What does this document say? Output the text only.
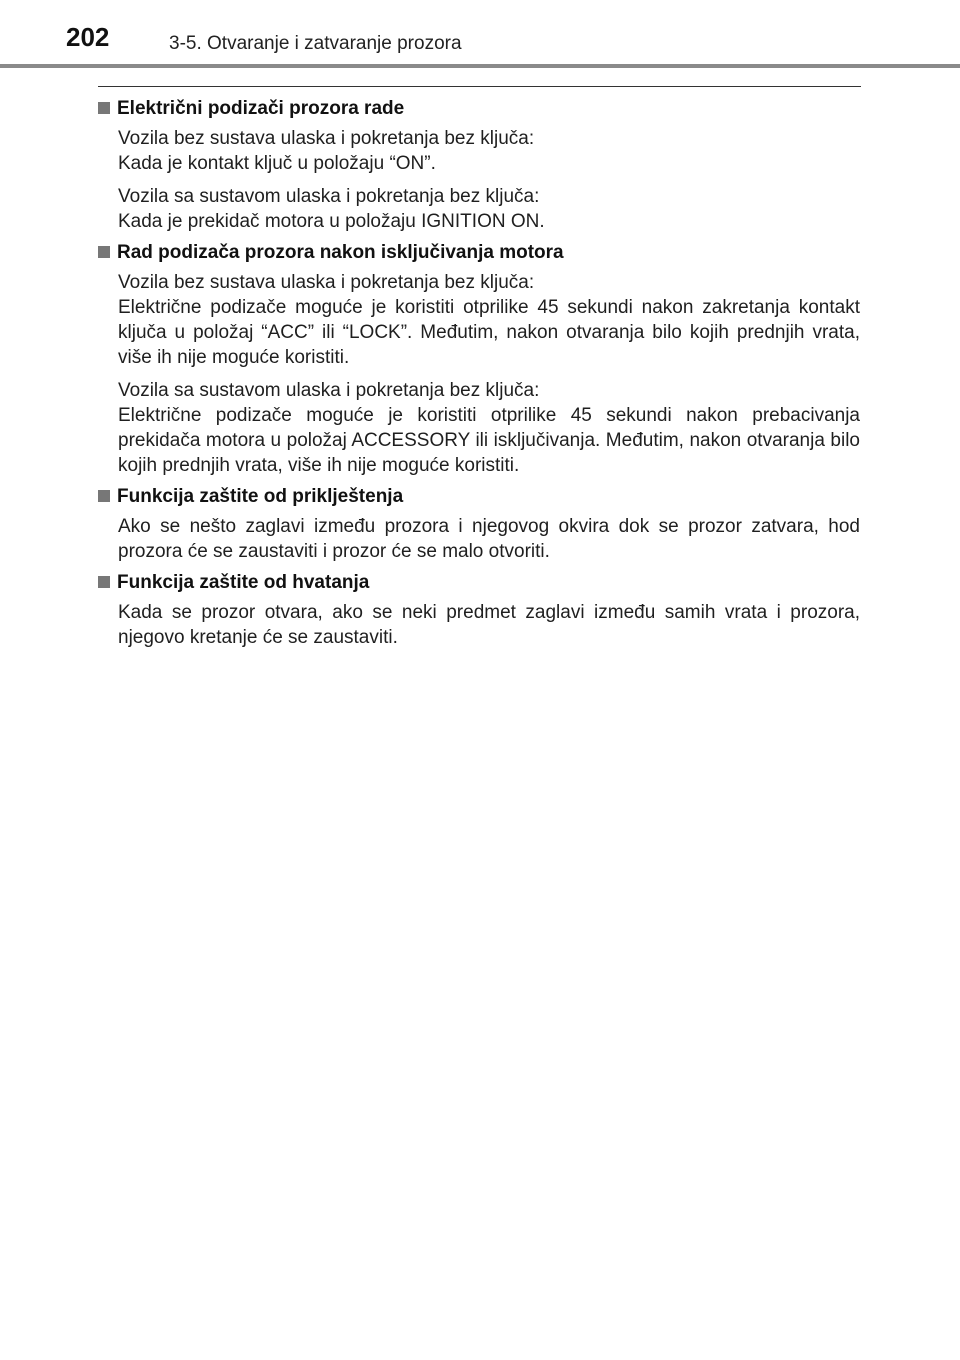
202	3-5. Otvaranje i zatvaranje prozora
Električni podizači prozora rade

Vozila bez sustava ulaska i pokretanja bez ključa:
Kada je kontakt ključ u položaju “ON”.

Vozila sa sustavom ulaska i pokretanja bez ključa:
Kada je prekidač motora u položaju IGNITION ON.

Rad podizača prozora nakon isključivanja motora

Vozila bez sustava ulaska i pokretanja bez ključa:
Električne podizače moguće je koristiti otprilike 45 sekundi nakon zakretanja kontakt ključa u položaj “ACC” ili “LOCK”. Međutim, nakon otvaranja bilo kojih prednjih vrata, više ih nije moguće koristiti.

Vozila sa sustavom ulaska i pokretanja bez ključa:
Električne podizače moguće je koristiti otprilike 45 sekundi nakon prebacivanja prekidača motora u položaj ACCESSORY ili isključivanja. Međutim, nakon otvaranja bilo kojih prednjih vrata, više ih nije moguće koristiti.

Funkcija zaštite od priklještenja

Ako se nešto zaglavi između prozora i njegovog okvira dok se prozor zatvara, hod prozora će se zaustaviti i prozor će se malo otvoriti.

Funkcija zaštite od hvatanja

Kada se prozor otvara, ako se neki predmet zaglavi između samih vrata i prozora, njegovo kretanje će se zaustaviti.
